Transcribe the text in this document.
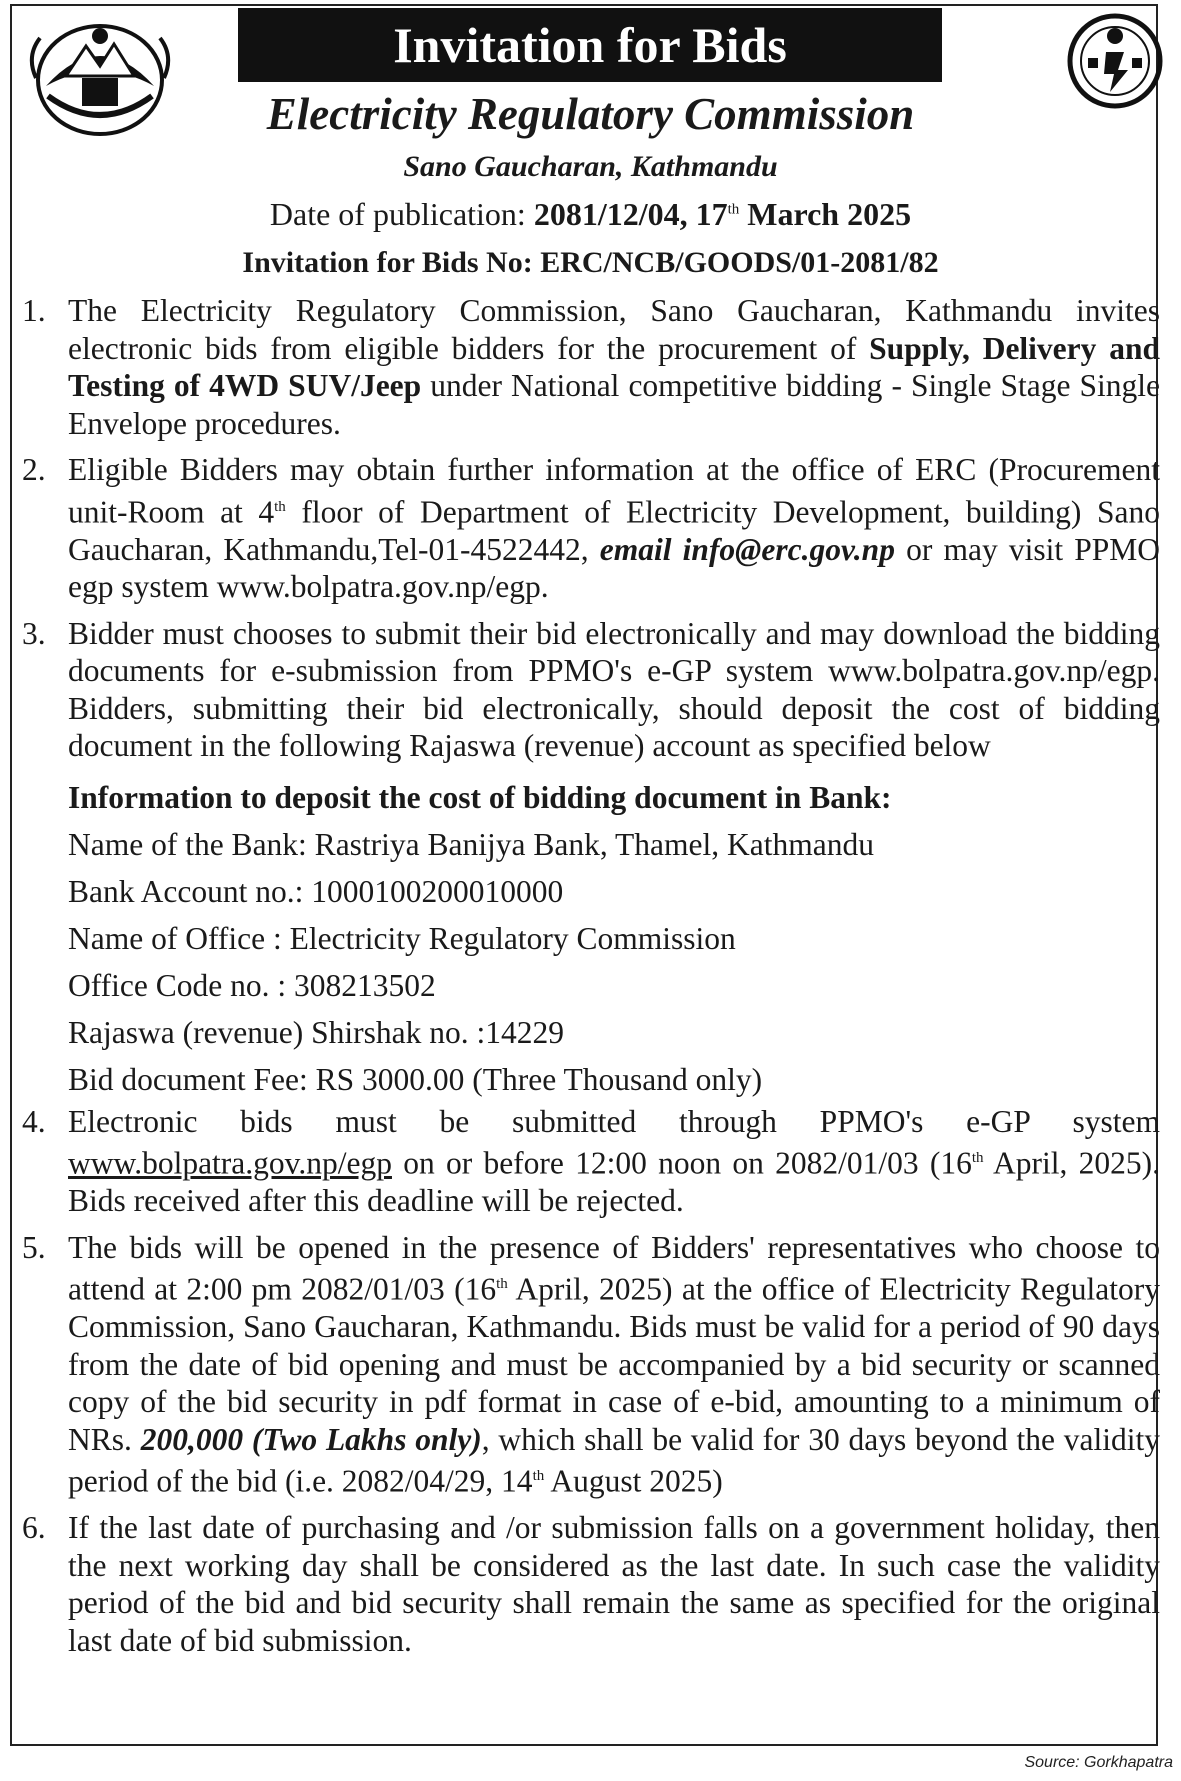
Invitation for Bids
Electricity Regulatory Commission
Sano Gaucharan, Kathmandu
Date of publication: 2081/12/04, 17th March 2025
Invitation for Bids No: ERC/NCB/GOODS/01-2081/82
1. The Electricity Regulatory Commission, Sano Gaucharan, Kathmandu invites electronic bids from eligible bidders for the procurement of Supply, Delivery and Testing of 4WD SUV/Jeep under National competitive bidding - Single Stage Single Envelope procedures.
2. Eligible Bidders may obtain further information at the office of ERC (Procurement unit-Room at 4th floor of Department of Electricity Development, building) Sano Gaucharan, Kathmandu,Tel-01-4522442, email info@erc.gov.np or may visit PPMO egp system www.bolpatra.gov.np/egp.
3. Bidder must chooses to submit their bid electronically and may download the bidding documents for e-submission from PPMO's e-GP system www.bolpatra.gov.np/egp. Bidders, submitting their bid electronically, should deposit the cost of bidding document in the following Rajaswa (revenue) account as specified below
Information to deposit the cost of bidding document in Bank:
Name of the Bank: Rastriya Banijya Bank, Thamel, Kathmandu
Bank Account no.: 1000100200010000
Name of Office : Electricity Regulatory Commission
Office Code no. : 308213502
Rajaswa (revenue) Shirshak no. :14229
Bid document Fee: RS 3000.00 (Three Thousand only)
4. Electronic bids must be submitted through PPMO's e-GP system www.bolpatra.gov.np/egp on or before 12:00 noon on 2082/01/03 (16th April, 2025). Bids received after this deadline will be rejected.
5. The bids will be opened in the presence of Bidders' representatives who choose to attend at 2:00 pm 2082/01/03 (16th April, 2025) at the office of Electricity Regulatory Commission, Sano Gaucharan, Kathmandu. Bids must be valid for a period of 90 days from the date of bid opening and must be accompanied by a bid security or scanned copy of the bid security in pdf format in case of e-bid, amounting to a minimum of NRs. 200,000 (Two Lakhs only), which shall be valid for 30 days beyond the validity period of the bid (i.e. 2082/04/29, 14th August 2025)
6. If the last date of purchasing and /or submission falls on a government holiday, then the next working day shall be considered as the last date. In such case the validity period of the bid and bid security shall remain the same as specified for the original last date of bid submission.
Source: Gorkhapatra
